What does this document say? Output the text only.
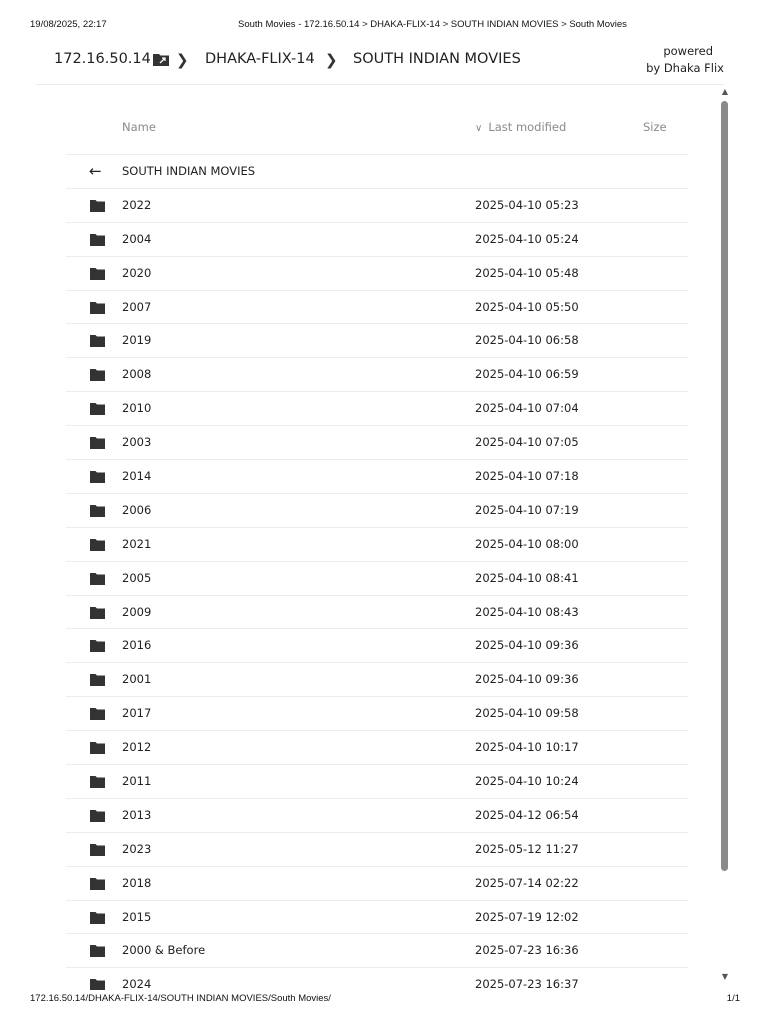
19/08/2025, 22:17	South Movies - 172.16.50.14 > DHAKA-FLIX-14 > SOUTH INDIAN MOVIES > South Movies
172.16.50.14 ❯ DHAKA-FLIX-14 ❯ SOUTH INDIAN MOVIES	powered
by Dhaka Flix
Name	∨ Last modified	Size
← SOUTH INDIAN MOVIES
2022	2025-04-10 05:23
2004	2025-04-10 05:24
2020	2025-04-10 05:48
2007	2025-04-10 05:50
2019	2025-04-10 06:58
2008	2025-04-10 06:59
2010	2025-04-10 07:04
2003	2025-04-10 07:05
2014	2025-04-10 07:18
2006	2025-04-10 07:19
2021	2025-04-10 08:00
2005	2025-04-10 08:41
2009	2025-04-10 08:43
2016	2025-04-10 09:36
2001	2025-04-10 09:36
2017	2025-04-10 09:58
2012	2025-04-10 10:17
2011	2025-04-10 10:24
2013	2025-04-12 06:54
2023	2025-05-12 11:27
2018	2025-07-14 02:22
2015	2025-07-19 12:02
2000 & Before	2025-07-23 16:36
2024	2025-07-23 16:37
▲
▼
172.16.50.14/DHAKA-FLIX-14/SOUTH INDIAN MOVIES/South Movies/	1/1
